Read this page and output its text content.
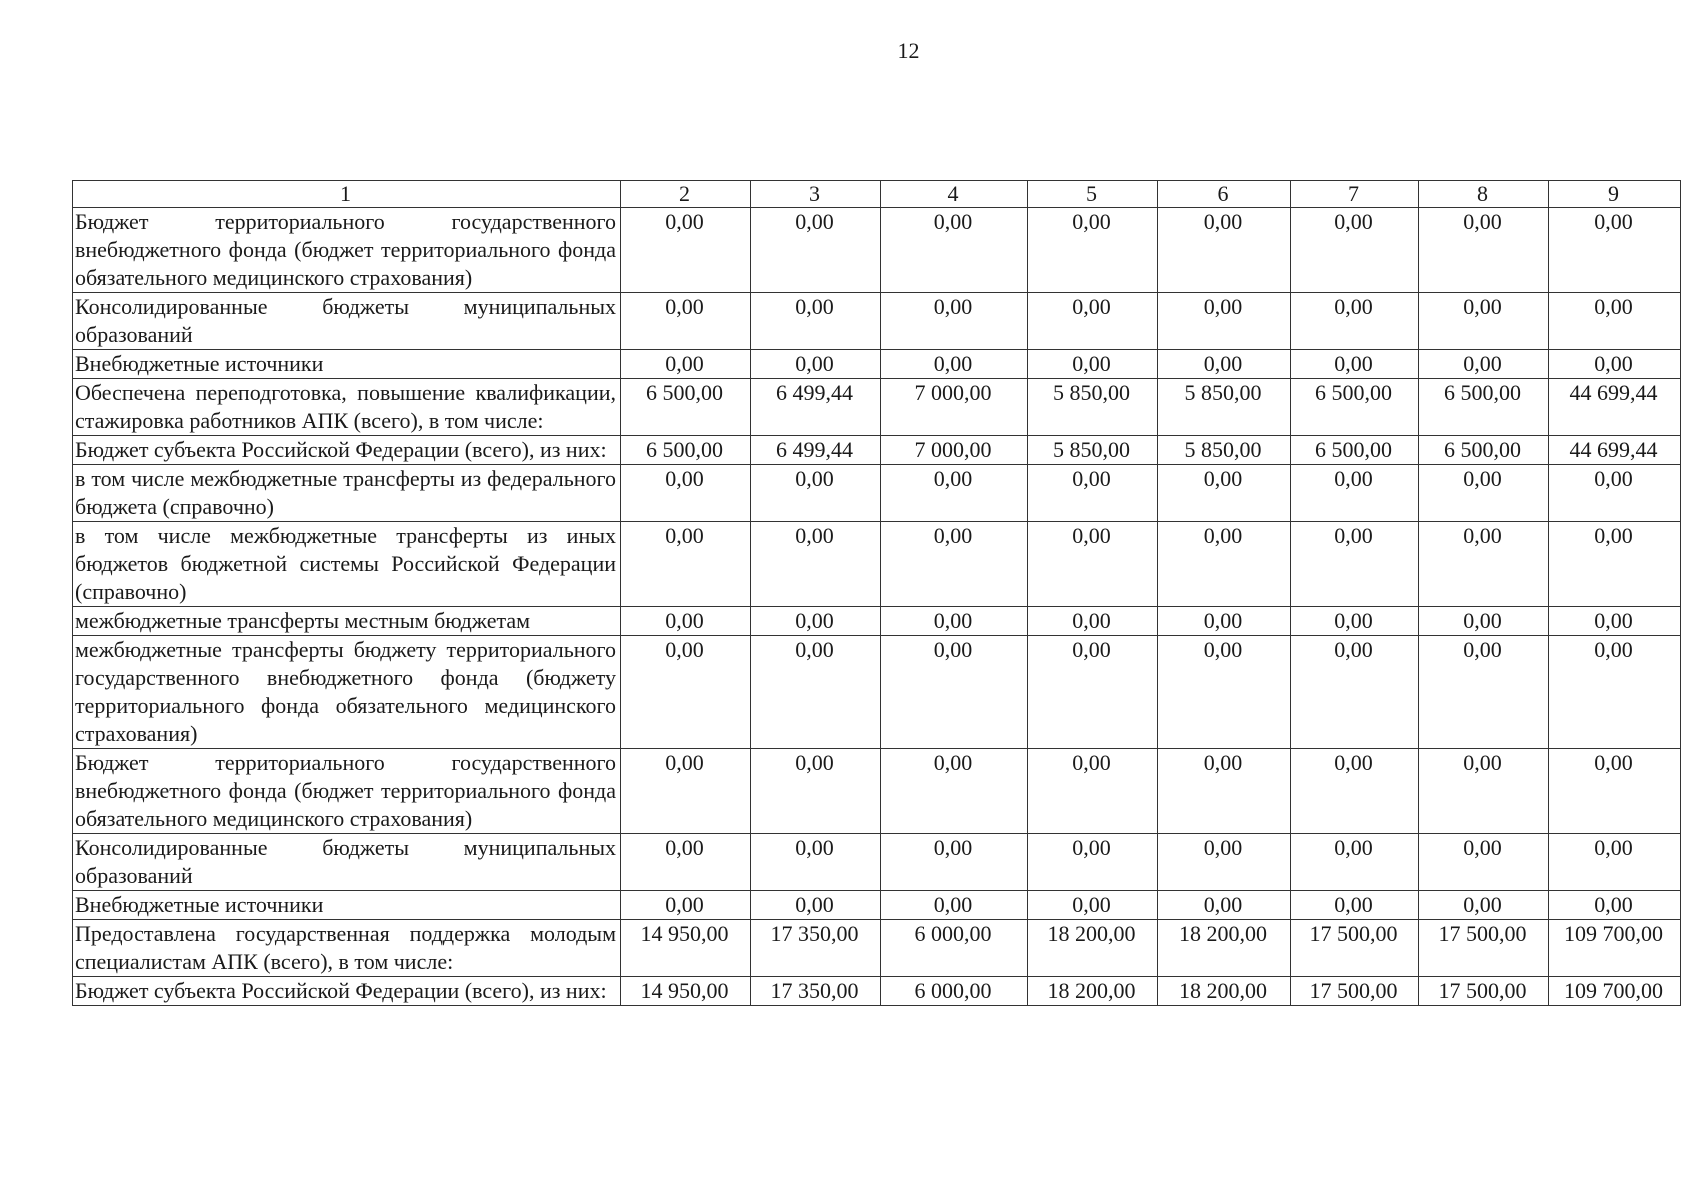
12
1	2	3	4	5	6	7	8	9
Бюджет территориального государственного внебюджетного фонда (бюджет территориального фонда обязательного медицинского страхования)	0,00	0,00	0,00	0,00	0,00	0,00	0,00	0,00
Консолидированные бюджеты муниципальных образований	0,00	0,00	0,00	0,00	0,00	0,00	0,00	0,00
Внебюджетные источники	0,00	0,00	0,00	0,00	0,00	0,00	0,00	0,00
Обеспечена переподготовка, повышение квалификации, стажировка работников АПК (всего), в том числе:	6 500,00	6 499,44	7 000,00	5 850,00	5 850,00	6 500,00	6 500,00	44 699,44
Бюджет субъекта Российской Федерации (всего), из них:	6 500,00	6 499,44	7 000,00	5 850,00	5 850,00	6 500,00	6 500,00	44 699,44
в том числе межбюджетные трансферты из федерального бюджета (справочно)	0,00	0,00	0,00	0,00	0,00	0,00	0,00	0,00
в том числе межбюджетные трансферты из иных бюджетов бюджетной системы Российской Федерации (справочно)	0,00	0,00	0,00	0,00	0,00	0,00	0,00	0,00
межбюджетные трансферты местным бюджетам	0,00	0,00	0,00	0,00	0,00	0,00	0,00	0,00
межбюджетные трансферты бюджету территориального государственного внебюджетного фонда (бюджету территориального фонда обязательного медицинского страхования)	0,00	0,00	0,00	0,00	0,00	0,00	0,00	0,00
Бюджет территориального государственного внебюджетного фонда (бюджет территориального фонда обязательного медицинского страхования)	0,00	0,00	0,00	0,00	0,00	0,00	0,00	0,00
Консолидированные бюджеты муниципальных образований	0,00	0,00	0,00	0,00	0,00	0,00	0,00	0,00
Внебюджетные источники	0,00	0,00	0,00	0,00	0,00	0,00	0,00	0,00
Предоставлена государственная поддержка молодым специалистам АПК (всего), в том числе:	14 950,00	17 350,00	6 000,00	18 200,00	18 200,00	17 500,00	17 500,00	109 700,00
Бюджет субъекта Российской Федерации (всего), из них:	14 950,00	17 350,00	6 000,00	18 200,00	18 200,00	17 500,00	17 500,00	109 700,00
